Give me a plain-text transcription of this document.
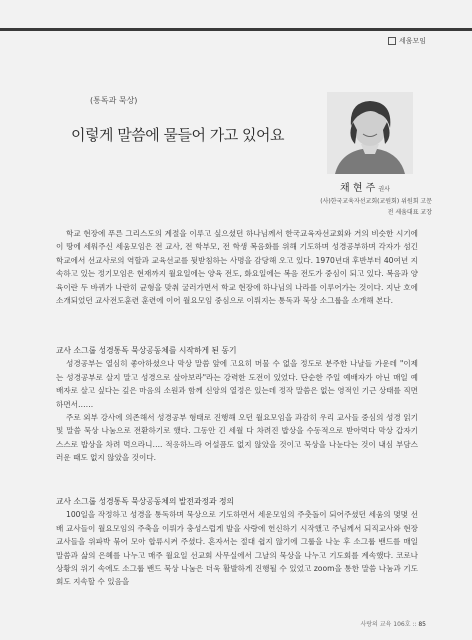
세움모임
(통독과 묵상)
이렇게 말씀에 물들어 가고 있어요
채 현 주 권사
(사)한국교육자선교회(교원회) 위원회 고문
전 세움대표 교장

학교 현장에 푸른 그리스도의 계절을 이루고 싶으셨던 하나님께서 한국교육자선교회와 거의 비슷한 시기에 이 땅에 세워주신 세움모임은 전 교사, 전 학부모, 전 학생 복음화를 위해 기도하며 성경공부하며 각자가 섬긴 학교에서 선교사로의 역할과 교육선교를 뒷받침하는 사명을 감당해 오고 있다. 1970년대 후반부터 40여년 지속하고 있는 정기모임은 현재까지 월요일에는 양육 전도, 화요일에는 복음 전도가 중심이 되고 있다. 복음과 양육이란 두 바퀴가 나란히 균형을 맞춰 굴러가면서 학교 현장에 하나님의 나라를 이루어가는 것이다. 지난 호에 소개되었던 교사전도훈련 훈련에 이어 월요모임 중심으로 이뤄지는 통독과 묵상 소그룹을 소개해 본다.

교사 소그룹 성경통독 묵상공동체를 시작하게 된 동기

성경공부는 열심히 좋아하셨으나 막상 말씀 앞에 고요히 머물 수 없을 정도로 분주한 나날들 가운데 "이제는 성경공부로 살지 말고 성경으로 살아보라"라는 강력한 도전이 있었다. 단순한 주일 예배자가 아닌 매일 예배자로 살고 싶다는 깊은 마음의 소원과 함께 신앙의 열정은 있는데 정작 말씀은 없는 영적인 기근 상태를 직면하면서……

주로 외부 강사에 의존해서 성경공부 형태로 진행해 오던 월요모임을 과감히 우리 교사들 중심의 성경 읽기 및 말씀 묵상 나눔으로 전환하기로 했다. 그동안 긴 세월 다 차려진 밥상을 수동적으로 받아먹다 막상 갑자기 스스로 밥상을 차려 먹으라니…. 적응하느라 어설픔도 없지 않았을 것이고 묵상을 나눈다는 것이 내심 부담스러운 때도 없지 않았을 것이다.

교사 소그룹 성경통독 묵상공동체의 발전과정과 정의

100일을 작정하고 성경을 통독하며 묵상으로 기도하면서 세운모임의 주춧돌이 되어주셨던 세움의 몇몇 선배 교사들이 월요모임의 주축을 이뤄가 충성스럽게 발을 사랑에 헌신하기 시작했고 주님께서 되직교사와 현장교사들을 위파박 묶어 모아 합류시켜 주셨다. 혼자서는 절대 쉽지 않기에 그룹을 나눈 후 소그룹 밴드를 매일 말씀과 삶의 은혜를 나누고 매주 월요일 선교회 사무실에서 그날의 묵상을 나누고 기도회를 계속했다. 코로나 상황의 위기 속에도 소그룹 밴드 묵상 나눔은 더욱 활발하게 진행될 수 있었고 zoom을 통한 말씀 나눔과 기도회도 지속할 수 있음을

사랑의 교육 106호 :: 85
